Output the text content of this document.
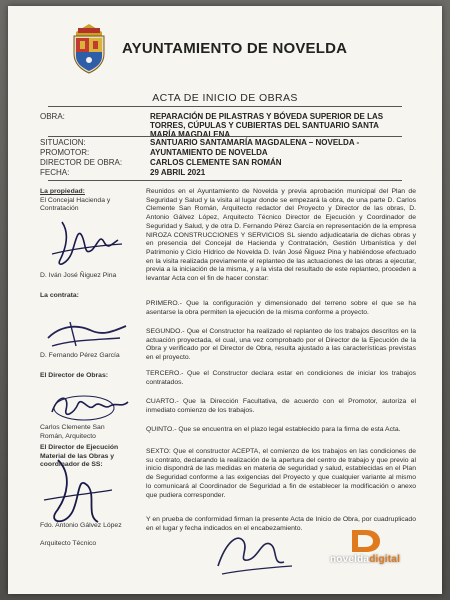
AYUNTAMIENTO DE NOVELDA
ACTA DE INICIO DE OBRAS
OBRA:	REPARACIÓN DE PILASTRAS Y BÓVEDA SUPERIOR DE LAS TORRES, CÚPULAS Y CUBIERTAS DEL SANTUARIO SANTA MARÍA MAGDALENA
SITUACION:	SANTUARIO SANTAMARÍA MAGDALENA – NOVELDA -
PROMOTOR:	AYUNTAMIENTO DE NOVELDA
DIRECTOR DE OBRA:	CARLOS CLEMENTE SAN ROMÁN
FECHA:	29 ABRIL 2021
La propiedad:
El Concejal Hacienda y Contratación
D. Iván José Ñiguez Pina
La contrata:
D. Fernando Pérez García
El Director de Obras:
Carlos Clemente San Román, Arquitecto
El Director de Ejecución Material de las Obras y coordinador de SS:
Fdo. Antonio Gálvez López
Arquitecto Técnico

Reunidos en el Ayuntamiento de Novelda y previa aprobación municipal del Plan de Seguridad y Salud y la visita al lugar donde se empezará la obra, de una parte D. Carlos Clemente San Román, Arquitecto redactor del Proyecto y Director de las obras, D. Antonio Gálvez López, Arquitecto Técnico Director de Ejecución y Coordinador de Seguridad y Salud, y de otra D. Fernando Pérez García en representación de la empresa NIROZA CONSTRUCCIONES Y SERVICIOS SL siendo adjudicataria de dichas obras y en presencia del Concejal de Hacienda y Contratación, Gestión Urbanística y del Patrimonio y Ciclo Hídrico de Novelda D. Iván José Ñiguez Pina y habiéndose efectuado en la visita realizada previamente el replanteo de las actuaciones de las obras a ejecutar, previa a la iniciación de la misma, y a la vista del resultado de este replanteo, proceden a levantar Acta con el fin de hacer constar:

PRIMERO.- Que la configuración y dimensionado del terreno sobre el que se ha asentarse la obra permiten la ejecución de la misma conforme a proyecto.

SEGUNDO.- Que el Constructor ha realizado el replanteo de los trabajos descritos en la actuación proyectada, el cual, una vez comprobado por el Director de la Ejecución de la Obra y verificado por el Director de Obra, resulta ajustado a las características previstas en el proyecto.

TERCERO.- Que el Constructor declara estar en condiciones de iniciar los trabajos contratados.

CUARTO.- Que la Dirección Facultativa, de acuerdo con el Promotor, autoriza el inmediato comienzo de los trabajos.

QUINTO.- Que se encuentra en el plazo legal establecido para la firma de esta Acta.

SEXTO: Que el constructor ACEPTA, el comienzo de los trabajos en las condiciones de su contrato, declarando la realización de la apertura del centro de trabajo y que previo al inicio dispondrá de las medidas en materia de seguridad y salud, establecidas en el Plan de Seguridad conforme a las exigencias del Proyecto y que cualquier variante al mismo lo comunicará al Coordinador de Seguridad a fin de establecer la modificación o anexo que pudiera corresponder.

Y en prueba de conformidad firman la presente Acta de Inicio de Obra, por cuadruplicado en el lugar y fecha indicados en el encabezamiento.

noveldadigital
